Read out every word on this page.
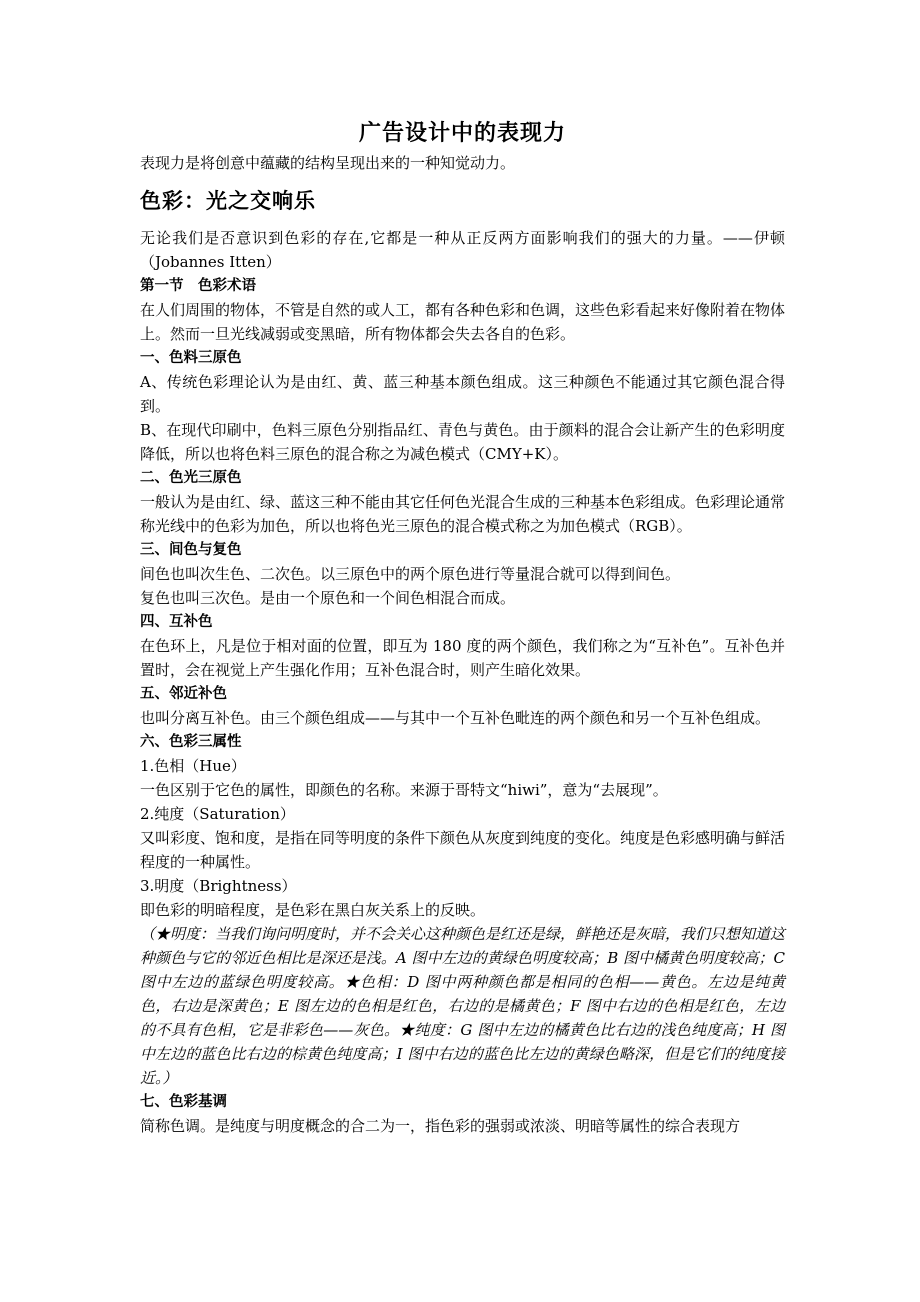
广告设计中的表现力
表现力是将创意中蕴藏的结构呈现出来的一种知觉动力。
色彩：光之交响乐
无论我们是否意识到色彩的存在,它都是一种从正反两方面影响我们的强大的力量。——伊顿（Jobannes Itten）
第一节　色彩术语
在人们周围的物体，不管是自然的或人工，都有各种色彩和色调，这些色彩看起来好像附着在物体上。然而一旦光线减弱或变黑暗，所有物体都会失去各自的色彩。
一、色料三原色
A、传统色彩理论认为是由红、黄、蓝三种基本颜色组成。这三种颜色不能通过其它颜色混合得到。
B、在现代印刷中，色料三原色分别指品红、青色与黄色。由于颜料的混合会让新产生的色彩明度降低，所以也将色料三原色的混合称之为减色模式（CMY+K）。
二、色光三原色
一般认为是由红、绿、蓝这三种不能由其它任何色光混合生成的三种基本色彩组成。色彩理论通常称光线中的色彩为加色，所以也将色光三原色的混合模式称之为加色模式（RGB）。
三、间色与复色
间色也叫次生色、二次色。以三原色中的两个原色进行等量混合就可以得到间色。
复色也叫三次色。是由一个原色和一个间色相混合而成。
四、互补色
在色环上，凡是位于相对面的位置，即互为 180 度的两个颜色，我们称之为“互补色”。互补色并置时，会在视觉上产生强化作用；互补色混合时，则产生暗化效果。
五、邻近补色
也叫分离互补色。由三个颜色组成——与其中一个互补色毗连的两个颜色和另一个互补色组成。
六、色彩三属性
1.色相（Hue）
一色区别于它色的属性，即颜色的名称。来源于哥特文“hiwi”，意为“去展现”。
2.纯度（Saturation）
又叫彩度、饱和度，是指在同等明度的条件下颜色从灰度到纯度的变化。纯度是色彩感明确与鲜活程度的一种属性。
3.明度（Brightness）
即色彩的明暗程度，是色彩在黑白灰关系上的反映。
（★明度：当我们询问明度时，并不会关心这种颜色是红还是绿，鲜艳还是灰暗，我们只想知道这种颜色与它的邻近色相比是深还是浅。A 图中左边的黄绿色明度较高；B 图中橘黄色明度较高；C 图中左边的蓝绿色明度较高。★色相：D 图中两种颜色都是相同的色相——黄色。左边是纯黄色，右边是深黄色；E 图左边的色相是红色，右边的是橘黄色；F 图中右边的色相是红色，左边的不具有色相，它是非彩色——灰色。★纯度：G 图中左边的橘黄色比右边的浅色纯度高；H 图中左边的蓝色比右边的棕黄色纯度高；I 图中右边的蓝色比左边的黄绿色略深，但是它们的纯度接近。）
七、色彩基调
简称色调。是纯度与明度概念的合二为一，指色彩的强弱或浓淡、明暗等属性的综合表现方
